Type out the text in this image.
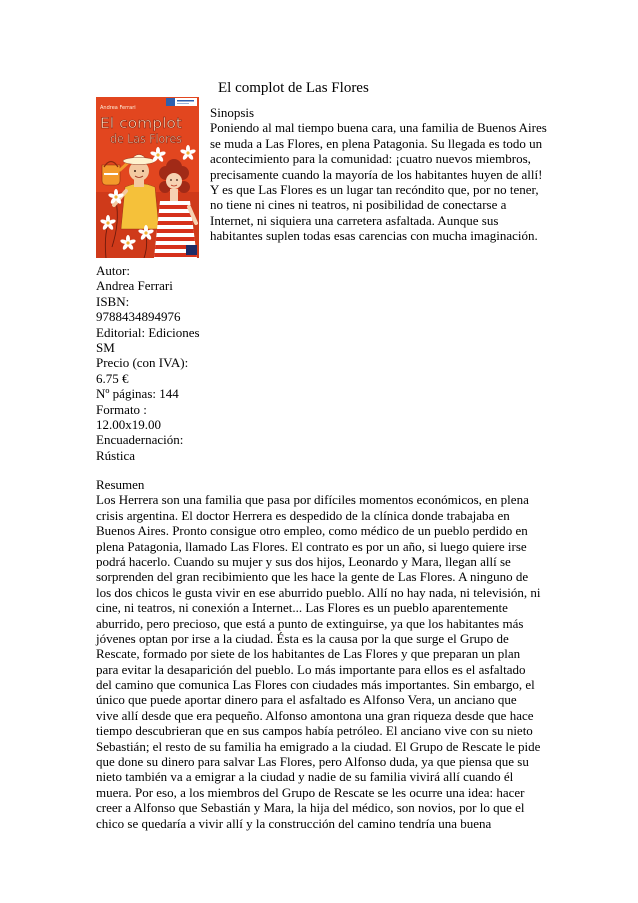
El complot de Las Flores
Andrea Ferrari
El complot
de Las Flores
Sinopsis
Poniendo al mal tiempo buena cara, una familia de Buenos Aires
se muda a Las Flores, en plena Patagonia. Su llegada es todo un
acontecimiento para la comunidad: ¡cuatro nuevos miembros,
precisamente cuando la mayoría de los habitantes huyen de allí!
Y es que Las Flores es un lugar tan recóndito que, por no tener,
no tiene ni cines ni teatros, ni posibilidad de conectarse a
Internet, ni siquiera una carretera asfaltada. Aunque sus
habitantes suplen todas esas carencias con mucha imaginación.
Autor:
Andrea Ferrari
ISBN:
9788434894976
Editorial: Ediciones
SM
Precio (con IVA):
6.75 €
Nº páginas: 144
Formato :
12.00x19.00
Encuadernación:
Rústica
Resumen
Los Herrera son una familia que pasa por difíciles momentos económicos, en plena
crisis argentina. El doctor Herrera es despedido de la clínica donde trabajaba en
Buenos Aires. Pronto consigue otro empleo, como médico de un pueblo perdido en
plena Patagonia, llamado Las Flores. El contrato es por un año, si luego quiere irse
podrá hacerlo. Cuando su mujer y sus dos hijos, Leonardo y Mara, llegan allí se
sorprenden del gran recibimiento que les hace la gente de Las Flores. A ninguno de
los dos chicos le gusta vivir en ese aburrido pueblo. Allí no hay nada, ni televisión, ni
cine, ni teatros, ni conexión a Internet... Las Flores es un pueblo aparentemente
aburrido, pero precioso, que está a punto de extinguirse, ya que los habitantes más
jóvenes optan por irse a la ciudad. Ésta es la causa por la que surge el Grupo de
Rescate, formado por siete de los habitantes de Las Flores y que preparan un plan
para evitar la desaparición del pueblo. Lo más importante para ellos es el asfaltado
del camino que comunica Las Flores con ciudades más importantes. Sin embargo, el
único que puede aportar dinero para el asfaltado es Alfonso Vera, un anciano que
vive allí desde que era pequeño. Alfonso amontona una gran riqueza desde que hace
tiempo descubrieran que en sus campos había petróleo. El anciano vive con su nieto
Sebastián; el resto de su familia ha emigrado a la ciudad. El Grupo de Rescate le pide
que done su dinero para salvar Las Flores, pero Alfonso duda, ya que piensa que su
nieto también va a emigrar a la ciudad y nadie de su familia vivirá allí cuando él
muera. Por eso, a los miembros del Grupo de Rescate se les ocurre una idea: hacer
creer a Alfonso que Sebastián y Mara, la hija del médico, son novios, por lo que el
chico se quedaría a vivir allí y la construcción del camino tendría una buena
